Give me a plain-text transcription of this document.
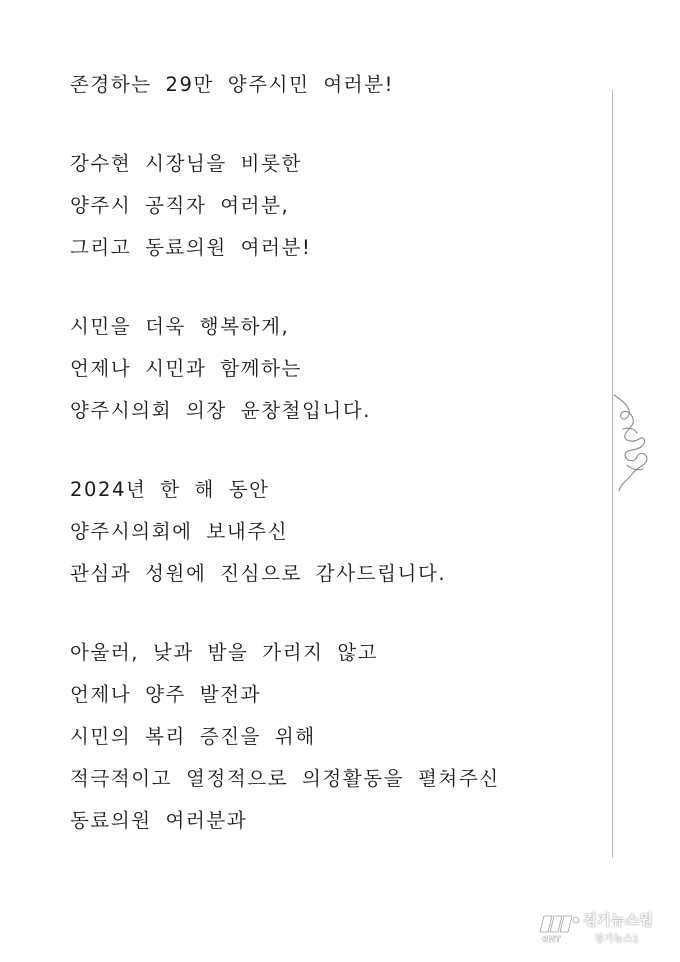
존경하는 29만 양주시민 여러분!
강수현 시장님을 비롯한
양주시 공직자 여러분,
그리고 동료의원 여러분!
시민을 더욱 행복하게,
언제나 시민과 함께하는
양주시의회 의장 윤창철입니다.
2024년 한 해 동안
양주시의회에 보내주신
관심과 성원에 진심으로 감사드립니다.
아울러, 낮과 밤을 가리지 않고
언제나 양주 발전과
시민의 복리 증진을 위해
적극적이고 열정적으로 의정활동을 펼쳐주신
동료의원 여러분과
GNT
경기뉴스원
경기뉴스1
